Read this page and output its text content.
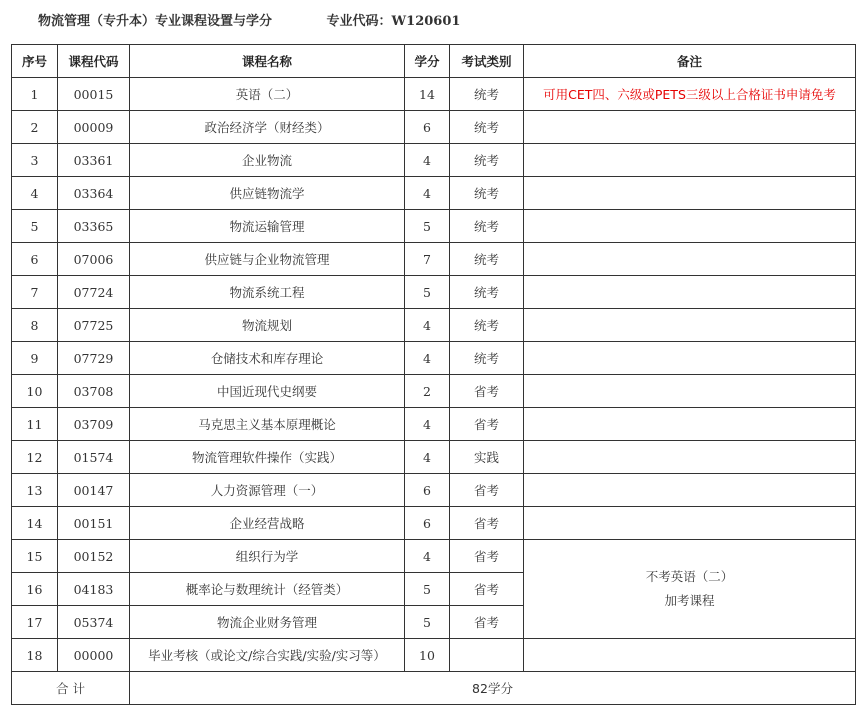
物流管理（专升本）专业课程设置与学分	专业代码：W120601
序号	课程代码	课程名称	学分	考试类别	备注
1	00015	英语（二）	14	统考	可用CET四、六级或PETS三级以上合格证书申请免考
2	00009	政治经济学（财经类）	6	统考	
3	03361	企业物流	4	统考	
4	03364	供应链物流学	4	统考	
5	03365	物流运输管理	5	统考	
6	07006	供应链与企业物流管理	7	统考	
7	07724	物流系统工程	5	统考	
8	07725	物流规划	4	统考	
9	07729	仓储技术和库存理论	4	统考	
10	03708	中国近现代史纲要	2	省考	
11	03709	马克思主义基本原理概论	4	省考	
12	01574	物流管理软件操作（实践）	4	实践	
13	00147	人力资源管理（一）	6	省考	
14	00151	企业经营战略	6	省考	
15	00152	组织行为学	4	省考	不考英语（二）
加考课程

16	04183	概率论与数理统计（经管类）	5	省考	
17	05374	物流企业财务管理	5	省考	
18	00000	毕业考核（或论文/综合实践/实验/实习等）	10		
合 计		82学分			
